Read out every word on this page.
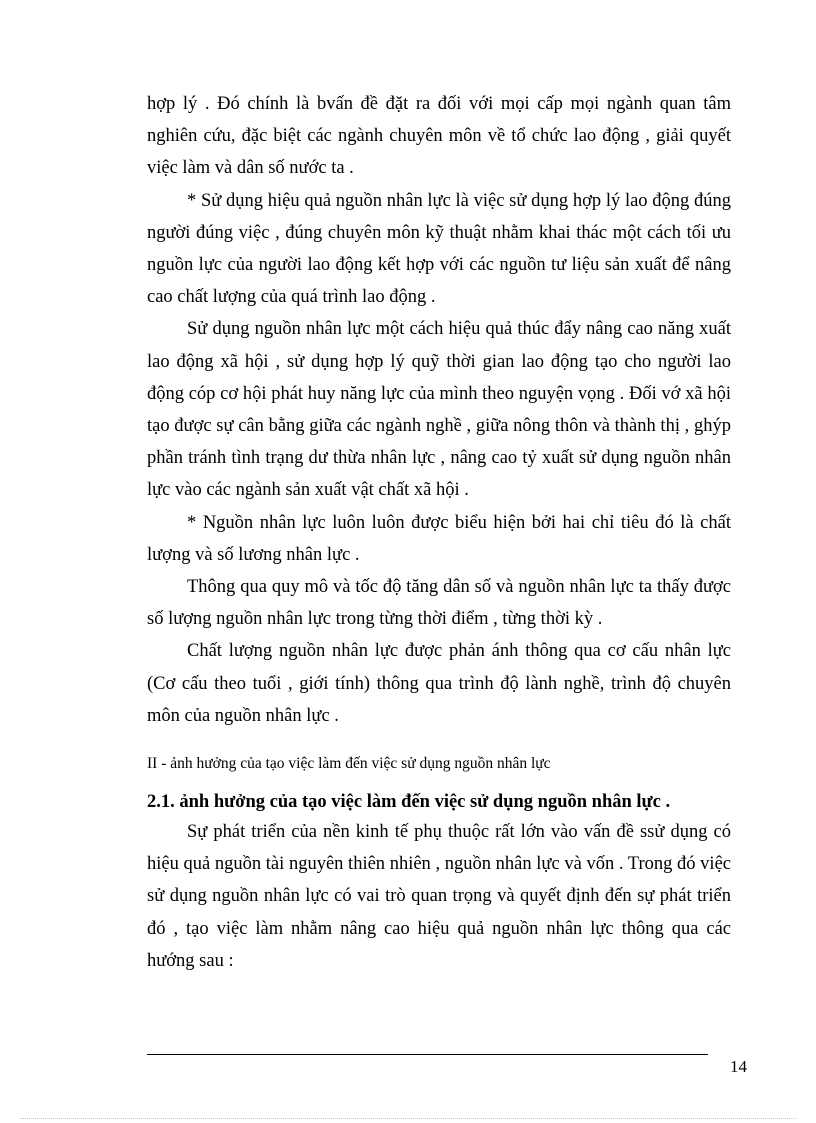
hợp lý . Đó chính là bvấn đề đặt ra đối với mọi cấp mọi ngành quan tâm nghiên cứu, đặc biệt các ngành chuyên môn về tổ chức lao động , giải quyết việc làm và dân số nước ta .

* Sử dụng hiệu quả nguồn nhân lực là việc sử dụng hợp lý lao động đúng người đúng việc , đúng chuyên môn kỹ thuật nhằm khai thác một cách tối ưu nguồn lực của người lao động kết hợp với các nguồn tư liệu sản xuất để nâng cao chất lượng của quá trình lao động .

Sử dụng nguồn nhân lực một cách hiệu quả thúc đẩy nâng cao năng xuất lao động xã hội , sử dụng hợp lý quỹ thời gian lao động tạo cho người lao động cóp cơ hội phát huy năng lực của mình theo nguyện vọng . Đối vớ xã hội tạo được sự cân bằng giữa các ngành nghề , giữa nông thôn và thành thị , ghýp phần tránh tình trạng dư thừa nhân lực , nâng cao tỷ xuất sử dụng nguồn nhân lực vào các ngành sản xuất vật chất xã hội .

* Nguồn nhân lực luôn luôn được biểu hiện bởi hai chỉ tiêu đó là chất lượng và số lương nhân lực .

Thông qua quy mô và tốc độ tăng dân số và nguồn nhân lực ta thấy được số lượng nguồn nhân lực trong từng thời điểm , từng thời kỳ .

Chất lượng nguồn nhân lực được phản ánh thông qua cơ cấu nhân lực (Cơ cấu theo tuổi , giới tính) thông qua trình độ lành nghề, trình độ chuyên môn của nguồn nhân lực .

II - ảnh hưởng của tạo việc làm đến việc sử dụng nguồn nhân lực
2.1. ảnh hưởng của tạo việc làm đến việc sử dụng nguồn nhân lực .

Sự phát triển của nền kinh tế phụ thuộc rất lớn vào vấn đề ssử dụng có hiệu quả nguồn tài nguyên thiên nhiên , nguồn nhân lực và vốn . Trong đó việc sử dụng nguồn nhân lực có vai trò quan trọng và quyết định đến sự phát triển đó , tạo việc làm nhằm nâng cao hiệu quả nguồn nhân lực thông qua các hướng sau :

14
